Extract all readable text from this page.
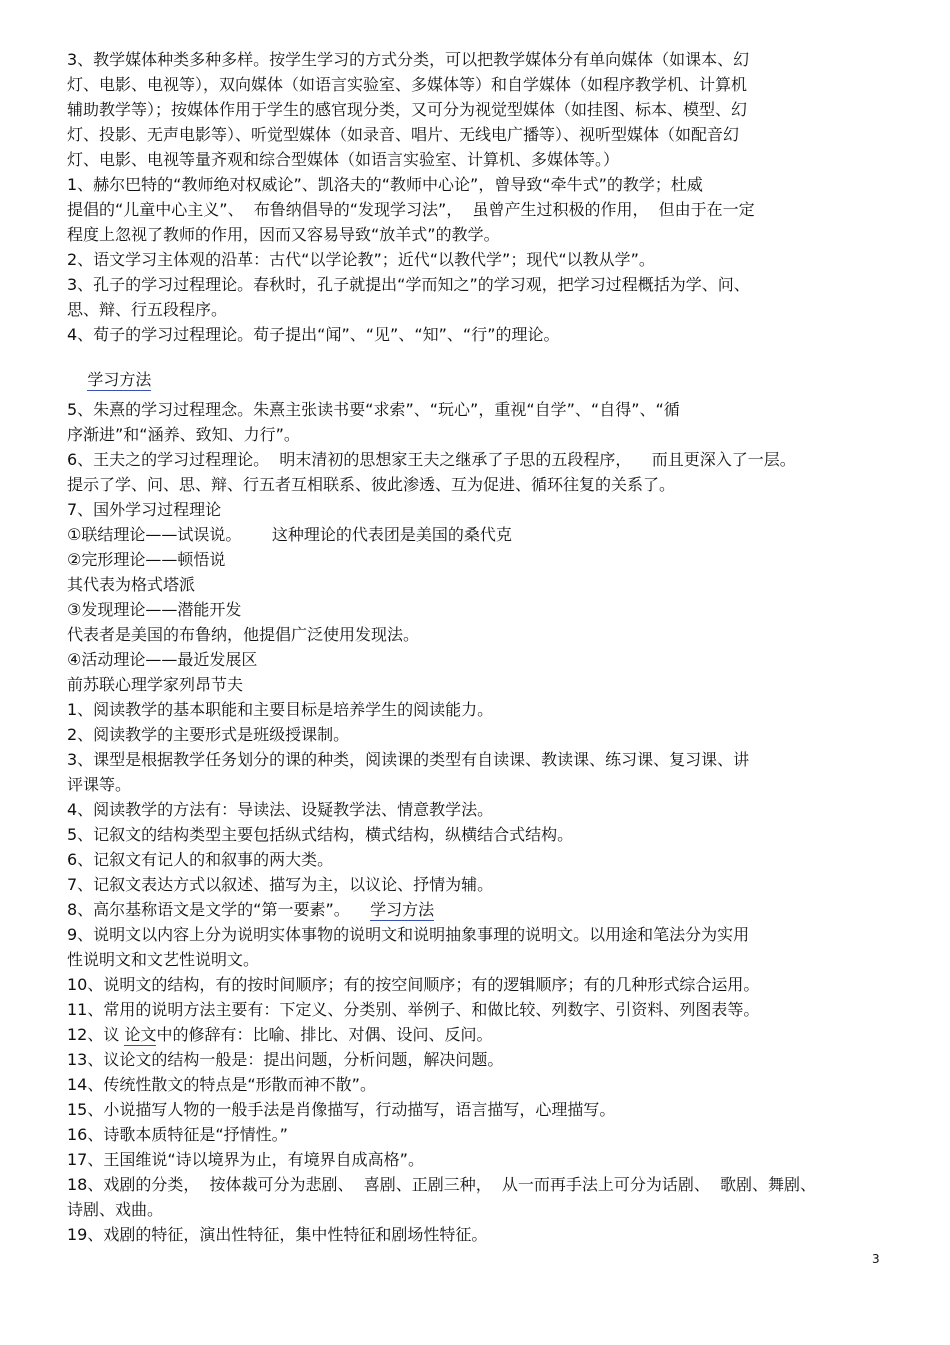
3、教学媒体种类多种多样。按学生学习的方式分类，可以把教学媒体分有单向媒体（如课本、幻
灯、电影、电视等），双向媒体（如语言实验室、多媒体等）和自学媒体（如程序教学机、计算机
辅助教学等）；按媒体作用于学生的感官现分类，又可分为视觉型媒体（如挂图、标本、模型、幻
灯、投影、无声电影等）、听觉型媒体（如录音、唱片、无线电广播等）、视听型媒体（如配音幻
灯、电影、电视等量齐观和综合型媒体（如语言实验室、计算机、多媒体等。）
1、赫尔巴特的“教师绝对权威论”、凯洛夫的“教师中心论”，曾导致“牵牛式”的教学；杜威
提倡的“儿童中心主义”、  布鲁纳倡导的“发现学习法”，  虽曾产生过积极的作用，  但由于在一定
程度上忽视了教师的作用，因而又容易导致“放羊式”的教学。
2、语文学习主体观的沿革：古代“以学论教”；近代“以教代学”；现代“以教从学”。
3、孔子的学习过程理论。春秋时，孔子就提出“学而知之”的学习观，把学习过程概括为学、问、
思、辩、行五段程序。
4、荀子的学习过程理论。荀子提出“闻”、“见”、“知”、“行”的理论。

学习方法

5、朱熹的学习过程理念。朱熹主张读书要“求索”、“玩心”，重视“自学”、“自得”、“循
序渐进”和“涵养、致知、力行”。
6、王夫之的学习过程理论。  明末清初的思想家王夫之继承了子思的五段程序，    而且更深入了一层。
提示了学、问、思、辩、行五者互相联系、彼此渗透、互为促进、循环往复的关系了。
7、国外学习过程理论
①联结理论——试误说。      这种理论的代表团是美国的桑代克
②完形理论——顿悟说
其代表为格式塔派
③发现理论——潜能开发
代表者是美国的布鲁纳，他提倡广泛使用发现法。
④活动理论——最近发展区
前苏联心理学家列昂节夫
1、阅读教学的基本职能和主要目标是培养学生的阅读能力。
2、阅读教学的主要形式是班级授课制。
3、课型是根据教学任务划分的课的种类，阅读课的类型有自读课、教读课、练习课、复习课、讲
评课等。
4、阅读教学的方法有：导读法、设疑教学法、情意教学法。
5、记叙文的结构类型主要包括纵式结构，横式结构，纵横结合式结构。
6、记叙文有记人的和叙事的两大类。
7、记叙文表达方式以叙述、描写为主，以议论、抒情为辅。
8、高尔基称语文是文学的“第一要素”。    学习方法
9、说明文以内容上分为说明实体事物的说明文和说明抽象事理的说明文。以用途和笔法分为实用
性说明文和文艺性说明文。
10、说明文的结构，有的按时间顺序；有的按空间顺序；有的逻辑顺序；有的几种形式综合运用。
11、常用的说明方法主要有：下定义、分类别、举例子、和做比较、列数字、引资料、列图表等。
12、议 论文中的修辞有：比喻、排比、对偶、设问、反问。
13、议论文的结构一般是：提出问题，分析问题，解决问题。
14、传统性散文的特点是“形散而神不散”。
15、小说描写人物的一般手法是肖像描写，行动描写，语言描写，心理描写。
16、诗歌本质特征是“抒情性。”
17、王国维说“诗以境界为止，有境界自成高格”。
18、戏剧的分类，  按体裁可分为悲剧、  喜剧、正剧三种，  从一而再手法上可分为话剧、  歌剧、舞剧、
诗剧、戏曲。
19、戏剧的特征，演出性特征，集中性特征和剧场性特征。
3
